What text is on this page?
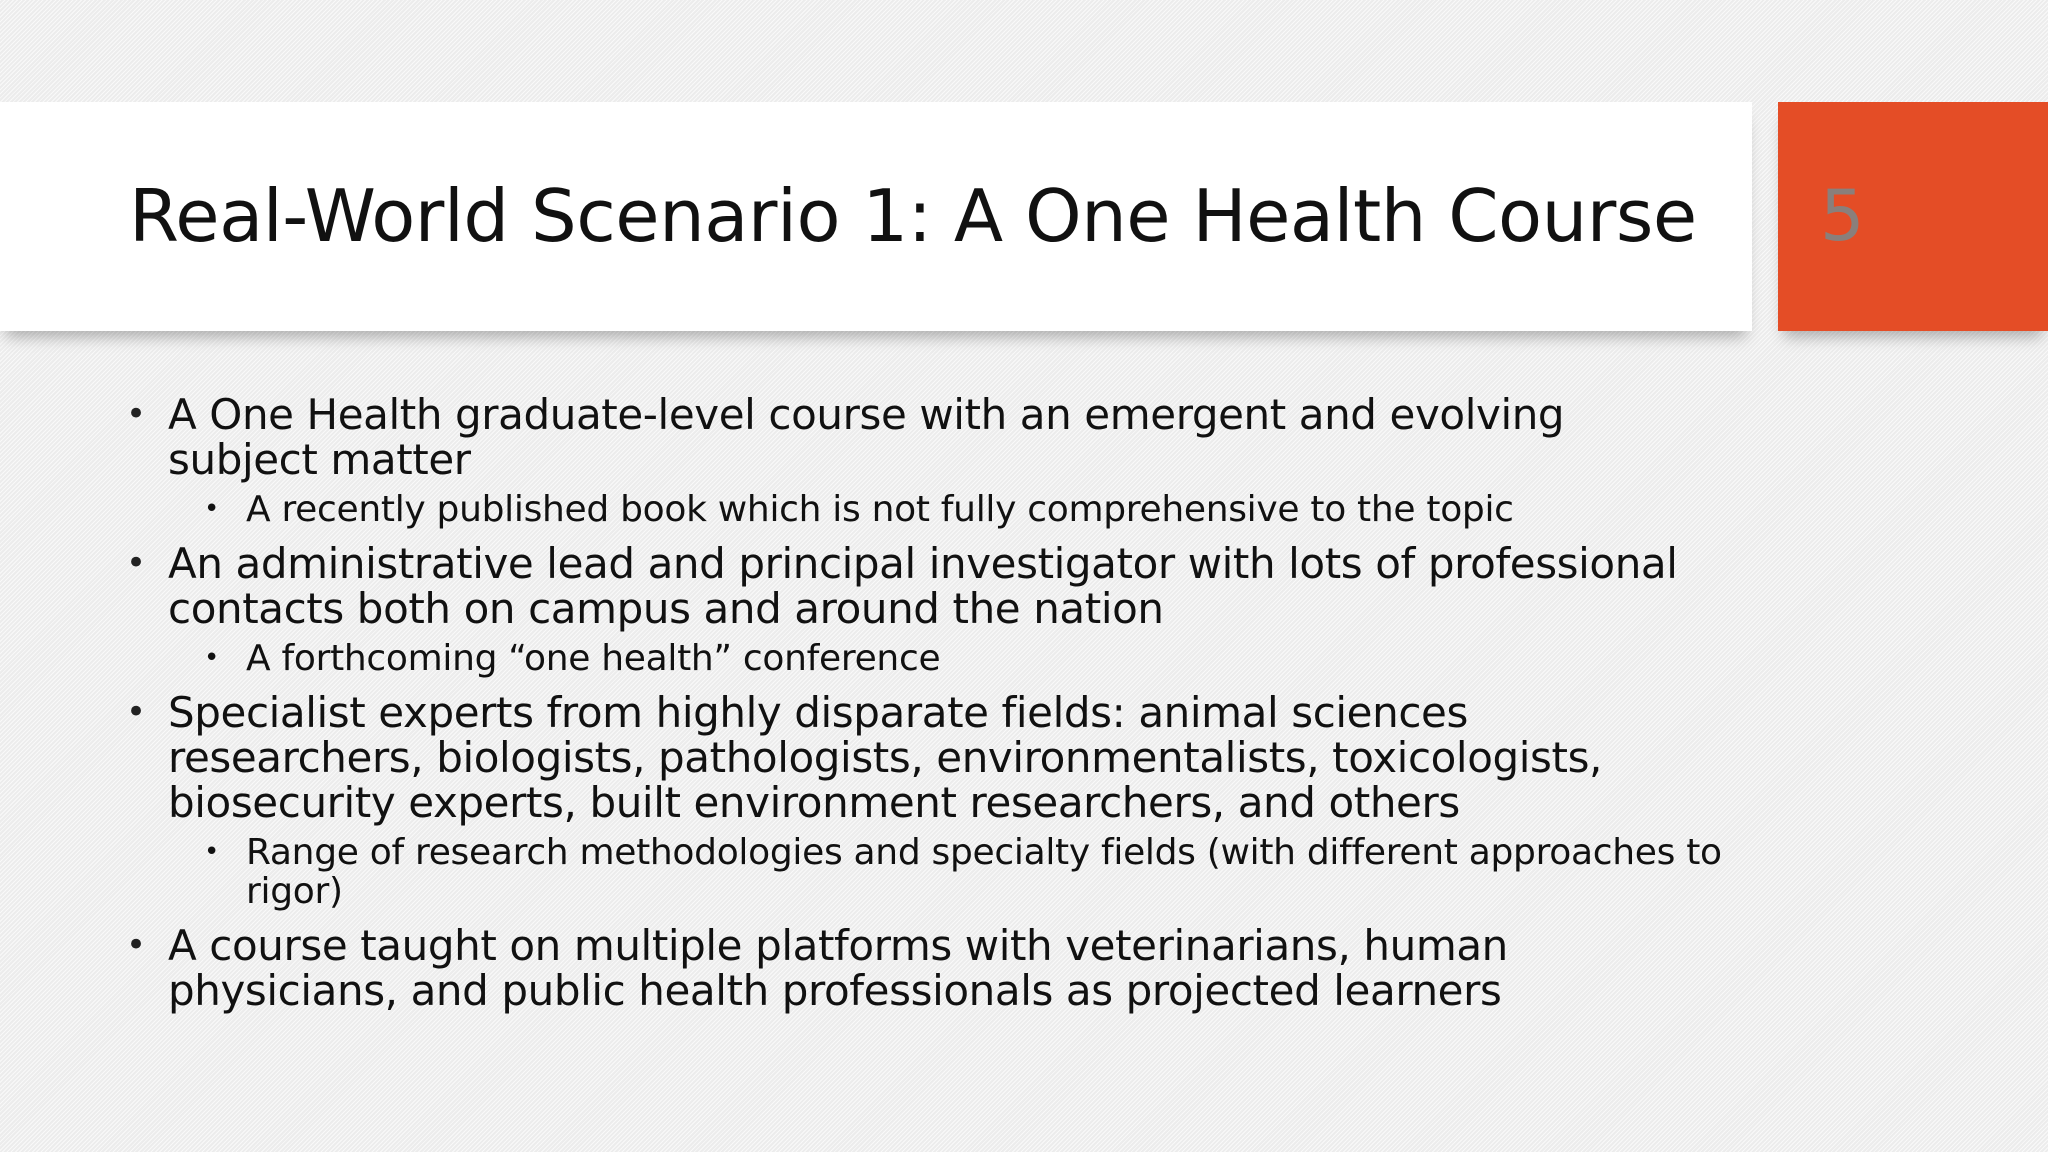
Real-World Scenario 1: A One Health Course 5
• A One Health graduate-level course with an emergent and evolving subject matter
• A recently published book which is not fully comprehensive to the topic
• An administrative lead and principal investigator with lots of professional contacts both on campus and around the nation
• A forthcoming “one health” conference
• Specialist experts from highly disparate fields: animal sciences researchers, biologists, pathologists, environmentalists, toxicologists, biosecurity experts, built environment researchers, and others
• Range of research methodologies and specialty fields (with different approaches to rigor)
• A course taught on multiple platforms with veterinarians, human physicians, and public health professionals as projected learners
